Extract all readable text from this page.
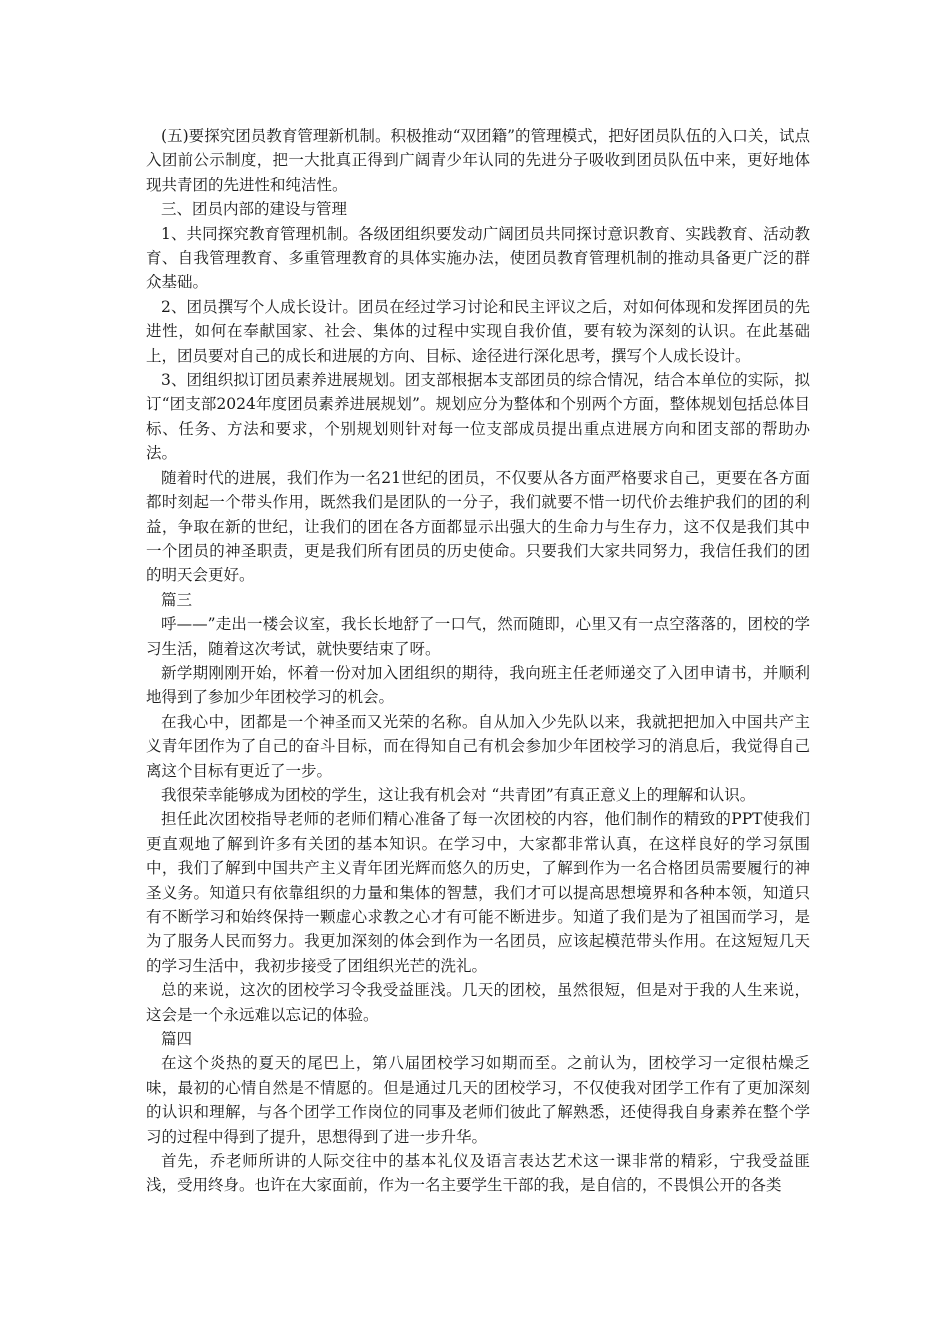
(五)要探究团员教育管理新机制。积极推动“双团籍”的管理模式，把好团员队伍的入口关，试点入团前公示制度，把一大批真正得到广阔青少年认同的先进分子吸收到团员队伍中来，更好地体现共青团的先进性和纯洁性。

三、团员内部的建设与管理

1、共同探究教育管理机制。各级团组织要发动广阔团员共同探讨意识教育、实践教育、活动教育、自我管理教育、多重管理教育的具体实施办法，使团员教育管理机制的推动具备更广泛的群众基础。

2、团员撰写个人成长设计。团员在经过学习讨论和民主评议之后，对如何体现和发挥团员的先进性，如何在奉献国家、社会、集体的过程中实现自我价值，要有较为深刻的认识。在此基础上，团员要对自己的成长和进展的方向、目标、途径进行深化思考，撰写个人成长设计。

3、团组织拟订团员素养进展规划。团支部根据本支部团员的综合情况，结合本单位的实际，拟订“团支部2024年度团员素养进展规划”。规划应分为整体和个别两个方面，整体规划包括总体目标、任务、方法和要求，个别规划则针对每一位支部成员提出重点进展方向和团支部的帮助办法。

随着时代的进展，我们作为一名21世纪的团员，不仅要从各方面严格要求自己，更要在各方面都时刻起一个带头作用，既然我们是团队的一分子，我们就要不惜一切代价去维护我们的团的利益，争取在新的世纪，让我们的团在各方面都显示出强大的生命力与生存力，这不仅是我们其中一个团员的神圣职责，更是我们所有团员的历史使命。只要我们大家共同努力，我信任我们的团的明天会更好。

篇三

呼——”走出一楼会议室，我长长地舒了一口气，然而随即，心里又有一点空落落的，团校的学习生活，随着这次考试，就快要结束了呀。

新学期刚刚开始，怀着一份对加入团组织的期待，我向班主任老师递交了入团申请书，并顺利地得到了参加少年团校学习的机会。

在我心中，团都是一个神圣而又光荣的名称。自从加入少先队以来，我就把把加入中国共产主义青年团作为了自己的奋斗目标，而在得知自己有机会参加少年团校学习的消息后，我觉得自己离这个目标有更近了一步。

我很荣幸能够成为团校的学生，这让我有机会对 “共青团”有真正意义上的理解和认识。

担任此次团校指导老师的老师们精心准备了每一次团校的内容，他们制作的精致的PPT使我们更直观地了解到许多有关团的基本知识。在学习中，大家都非常认真，在这样良好的学习氛围中，我们了解到中国共产主义青年团光辉而悠久的历史，了解到作为一名合格团员需要履行的神圣义务。知道只有依靠组织的力量和集体的智慧，我们才可以提高思想境界和各种本领，知道只有不断学习和始终保持一颗虚心求教之心才有可能不断进步。知道了我们是为了祖国而学习，是为了服务人民而努力。我更加深刻的体会到作为一名团员，应该起模范带头作用。在这短短几天的学习生活中，我初步接受了团组织光芒的洗礼。

总的来说，这次的团校学习令我受益匪浅。几天的团校，虽然很短，但是对于我的人生来说，这会是一个永远难以忘记的体验。

篇四

在这个炎热的夏天的尾巴上，第八届团校学习如期而至。之前认为，团校学习一定很枯燥乏味，最初的心情自然是不情愿的。但是通过几天的团校学习，不仅使我对团学工作有了更加深刻的认识和理解，与各个团学工作岗位的同事及老师们彼此了解熟悉，还使得我自身素养在整个学习的过程中得到了提升，思想得到了进一步升华。

首先，乔老师所讲的人际交往中的基本礼仪及语言表达艺术这一课非常的精彩，宁我受益匪浅，受用终身。也许在大家面前，作为一名主要学生干部的我，是自信的，不畏惧公开的各类
